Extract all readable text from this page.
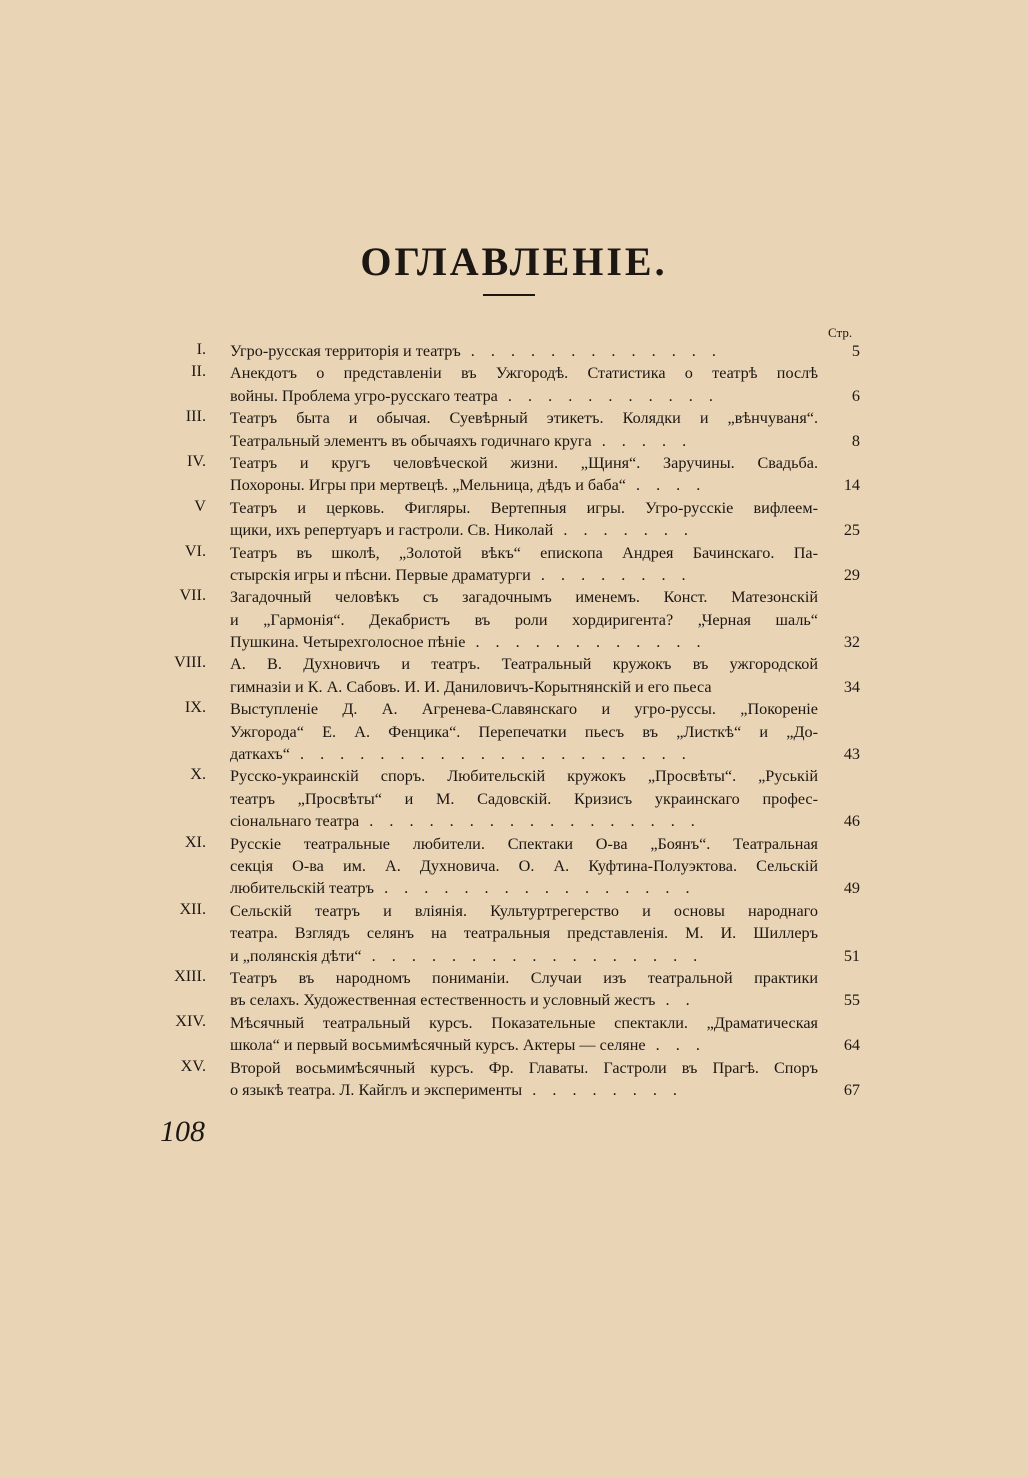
ОГЛАВЛЕНІЕ.
Стр.
I. Угро-русская территорія и театръ . . . . . . . . . . . . .	5
II. Анекдотъ о представленіи въ Ужгородѣ. Статистика о театрѣ послѣ
войны. Проблема угро-русскаго театра . . . . . . . . . . .	6
III. Театръ быта и обычая. Суевѣрный этикетъ. Колядки и „вѣнчуваня“.
Театральный элементъ въ обычаяхъ годичнаго круга . . . . .	8
IV. Театръ и кругъ человѣческой жизни. „Щиня“. Заручины. Свадьба.
Похороны. Игры при мертвецѣ. „Мельница, дѣдъ и баба“ . . . .	14
V Театръ и церковь. Фигляры. Вертепныя игры. Угро-русскіе вифлеем-
щики, ихъ репертуаръ и гастроли. Св. Николай . . . . . . .	25
VI. Театръ въ школѣ, „Золотой вѣкъ“ епископа Андрея Бачинскаго. Па-
стырскія игры и пѣсни. Первые драматурги . . . . . . . .	29
VII. Загадочный человѣкъ съ загадочнымъ именемъ. Конст. Матезонскій
и „Гармонія“. Декабристъ въ роли хордиригента? „Черная шаль“
Пушкина. Четырехголосное пѣніе . . . . . . . . . . . .	32
VIII. А. В. Духновичъ и театръ. Театральный кружокъ въ ужгородской
гимназіи и К. А. Сабовъ. И. И. Даниловичъ-Корытнянскій и его пьеса	34
IX. Выступленіе Д. А. Агренева-Славянскаго и угро-руссы. „Покореніе
Ужгорода“ Е. А. Фенцика“. Перепечатки пьесъ въ „Листкѣ“ и „До-
даткахъ“ . . . . . . . . . . . . . . . . . . . .	43
X. Русско-украинскій споръ. Любительскій кружокъ „Просвѣты“. „Руській
театръ „Просвѣты“ и М. Садовскій. Кризисъ украинскаго профес-
сіональнаго театра . . . . . . . . . . . . . . . . .	46
XI. Русскіе театральные любители. Спектаки О-ва „Боянъ“. Театральная
секція О-ва им. А. Духновича. О. А. Куфтина-Полуэктова. Сельскій
любительскій театръ . . . . . . . . . . . . . . . .	49
XII. Сельскій театръ и вліянія. Культуртрегерство и основы народнаго
театра. Взглядъ селянъ на театральныя представленія. М. И. Шиллеръ
и „полянскія дѣти“ . . . . . . . . . . . . . . . . .	51
XIII. Театръ въ народномъ пониманіи. Случаи изъ театральной практики
въ селахъ. Художественная естественность и условный жестъ . .	55
XIV. Мѣсячный театральный курсъ. Показательные спектакли. „Драматическая
школа“ и первый восьмимѣсячный курсъ. Актеры — селяне . . .	64
XV. Второй восьмимѣсячный курсъ. Фр. Главаты. Гастроли въ Прагѣ. Споръ
о языкѣ театра. Л. Кайглъ и эксперименты . . . . . . . .	67
108
